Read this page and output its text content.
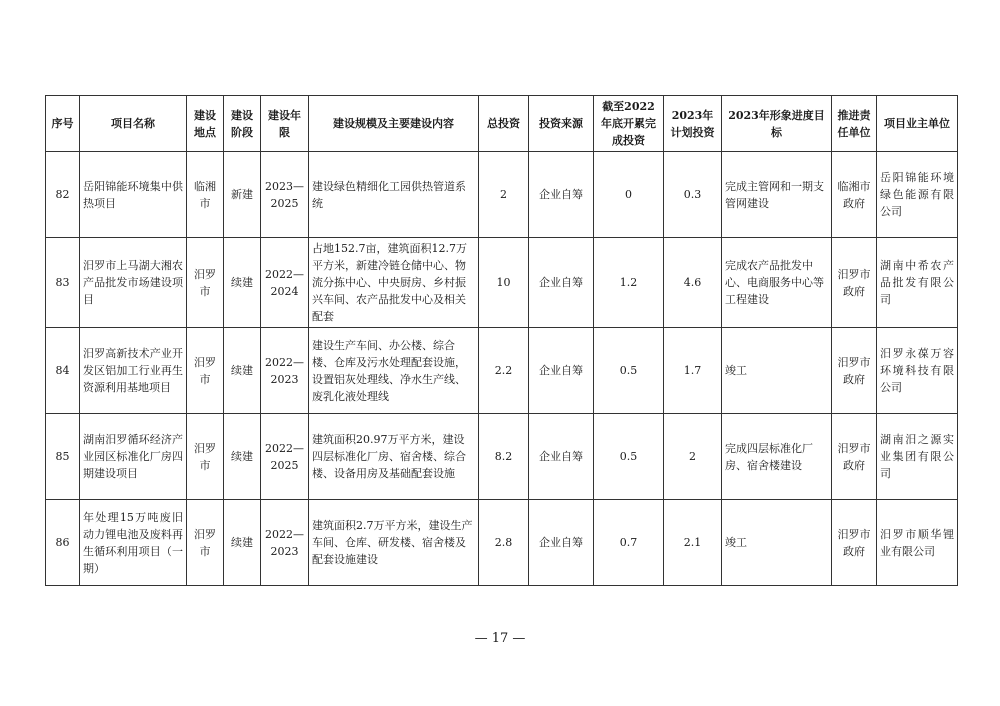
序号	项目名称	建设地点	建设阶段	建设年限	建设规模及主要建设内容	总投资	投资来源	截至2022年底开累完成投资	2023年计划投资	2023年形象进度目标	推进责任单位	项目业主单位
82	岳阳锦能环境集中供热项目	临湘市	新建	2023—2025	建设绿色精细化工园供热管道系统	2	企业自筹	0	0.3	完成主管网和一期支管网建设	临湘市政府	岳阳锦能环境绿色能源有限公司
83	汨罗市上马湖大湘农产品批发市场建设项目	汨罗市	续建	2022—2024	占地152.7亩，建筑面积12.7万平方米，新建冷链仓储中心、物流分拣中心、中央厨房、乡村振兴车间、农产品批发中心及相关配套	10	企业自筹	1.2	4.6	完成农产品批发中心、电商服务中心等工程建设	汨罗市政府	湖南中希农产品批发有限公司
84	汨罗高新技术产业开发区铝加工行业再生资源利用基地项目	汨罗市	续建	2022—2023	建设生产车间、办公楼、综合楼、仓库及污水处理配套设施，设置铝灰处理线、净水生产线、废乳化液处理线	2.2	企业自筹	0.5	1.7	竣工	汨罗市政府	汨罗永葆万容环境科技有限公司
85	湖南汨罗循环经济产业园区标准化厂房四期建设项目	汨罗市	续建	2022—2025	建筑面积20.97万平方米，建设四层标准化厂房、宿舍楼、综合楼、设备用房及基础配套设施	8.2	企业自筹	0.5	2	完成四层标准化厂房、宿舍楼建设	汨罗市政府	湖南汨之源实业集团有限公司
86	年处理15万吨废旧动力锂电池及废料再生循环利用项目（一期）	汨罗市	续建	2022—2023	建筑面积2.7万平方米，建设生产车间、仓库、研发楼、宿舍楼及配套设施建设	2.8	企业自筹	0.7	2.1	竣工	汨罗市政府	汨罗市顺华锂业有限公司
— 17 —
